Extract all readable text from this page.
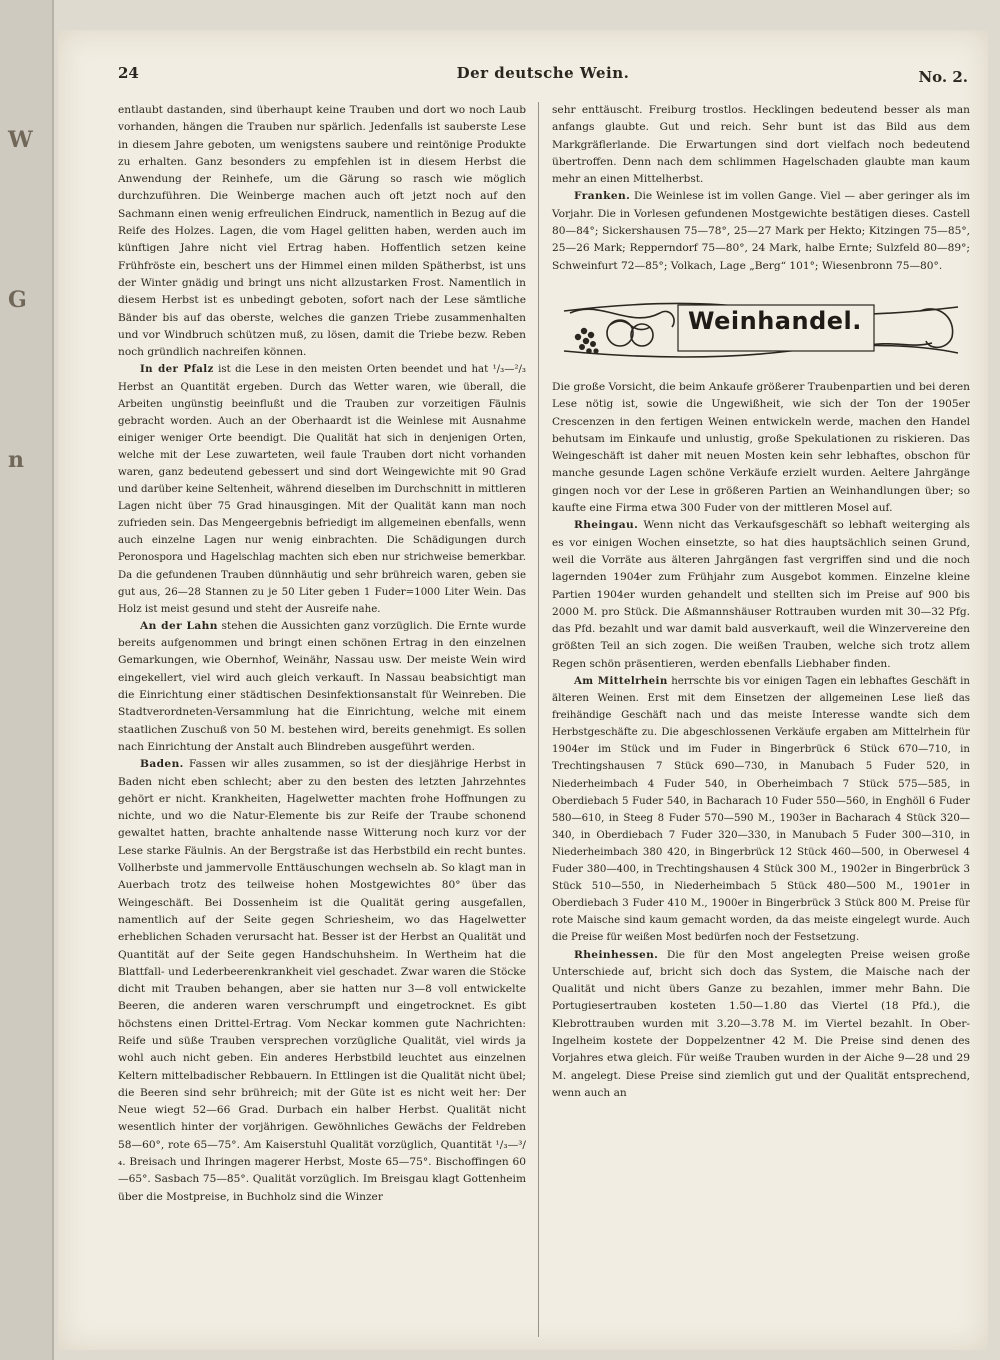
W G n
24	Der deutsche Wein.	No. 2.

entlaubt dastanden, sind überhaupt keine Trauben und dort wo noch Laub vorhanden, hängen die Trauben nur spärlich. Jedenfalls ist sauberste Lese in diesem Jahre geboten, um wenigstens saubere und reintönige Produkte zu erhalten. Ganz besonders zu empfehlen ist in diesem Herbst die Anwendung der Reinhefe, um die Gärung so rasch wie möglich durchzuführen. Die Weinberge machen auch oft jetzt noch auf den Sachmann einen wenig erfreulichen Eindruck, namentlich in Bezug auf die Reife des Holzes. Lagen, die vom Hagel gelitten haben, werden auch im künftigen Jahre nicht viel Ertrag haben. Hoffentlich setzen keine Frühfröste ein, beschert uns der Himmel einen milden Spätherbst, ist uns der Winter gnädig und bringt uns nicht allzustarken Frost. Namentlich in diesem Herbst ist es unbedingt geboten, sofort nach der Lese sämtliche Bänder bis auf das oberste, welches die ganzen Triebe zusammenhalten und vor Windbruch schützen muß, zu lösen, damit die Triebe bezw. Reben noch gründlich nachreifen können.

In der Pfalz ist die Lese in den meisten Orten beendet und hat ¹/₃—²/₃ Herbst an Quantität ergeben. Durch das Wetter waren, wie überall, die Arbeiten ungünstig beeinflußt und die Trauben zur vorzeitigen Fäulnis gebracht worden. Auch an der Oberhaardt ist die Weinlese mit Ausnahme einiger weniger Orte beendigt. Die Qualität hat sich in denjenigen Orten, welche mit der Lese zuwarteten, weil faule Trauben dort nicht vorhanden waren, ganz bedeutend gebessert und sind dort Weingewichte mit 90 Grad und darüber keine Seltenheit, während dieselben im Durchschnitt in mittleren Lagen nicht über 75 Grad hinausgingen. Mit der Qualität kann man noch zufrieden sein. Das Mengeergebnis befriedigt im allgemeinen ebenfalls, wenn auch einzelne Lagen nur wenig einbrachten. Die Schädigungen durch Peronospora und Hagelschlag machten sich eben nur strichweise bemerkbar. Da die gefundenen Trauben dünnhäutig und sehr brühreich waren, geben sie gut aus, 26—28 Stannen zu je 50 Liter geben 1 Fuder=1000 Liter Wein. Das Holz ist meist gesund und steht der Ausreife nahe.

An der Lahn stehen die Aussichten ganz vorzüglich. Die Ernte wurde bereits aufgenommen und bringt einen schönen Ertrag in den einzelnen Gemarkungen, wie Obernhof, Weinähr, Nassau usw. Der meiste Wein wird eingekellert, viel wird auch gleich verkauft. In Nassau beabsichtigt man die Einrichtung einer städtischen Desinfektionsanstalt für Weinreben. Die Stadtverordneten-Versammlung hat die Einrichtung, welche mit einem staatlichen Zuschuß von 50 M. bestehen wird, bereits genehmigt. Es sollen nach Einrichtung der Anstalt auch Blindreben ausgeführt werden.

Baden. Fassen wir alles zusammen, so ist der diesjährige Herbst in Baden nicht eben schlecht; aber zu den besten des letzten Jahrzehntes gehört er nicht. Krankheiten, Hagelwetter machten frohe Hoffnungen zu nichte, und wo die Natur-Elemente bis zur Reife der Traube schonend gewaltet hatten, brachte anhaltende nasse Witterung noch kurz vor der Lese starke Fäulnis. An der Bergstraße ist das Herbstbild ein recht buntes. Vollherbste und jammervolle Enttäuschungen wechseln ab. So klagt man in Auerbach trotz des teilweise hohen Mostgewichtes 80° über das Weingeschäft. Bei Dossenheim ist die Qualität gering ausgefallen, namentlich auf der Seite gegen Schriesheim, wo das Hagelwetter erheblichen Schaden verursacht hat. Besser ist der Herbst an Qualität und Quantität auf der Seite gegen Handschuhsheim. In Wertheim hat die Blattfall- und Lederbeerenkrankheit viel geschadet. Zwar waren die Stöcke dicht mit Trauben behangen, aber sie hatten nur 3—8 voll entwickelte Beeren, die anderen waren verschrumpft und eingetrocknet. Es gibt höchstens einen Drittel-Ertrag. Vom Neckar kommen gute Nachrichten: Reife und süße Trauben versprechen vorzügliche Qualität, viel wirds ja wohl auch nicht geben. Ein anderes Herbstbild leuchtet aus einzelnen Keltern mittelbadischer Rebbauern. In Ettlingen ist die Qualität nicht übel; die Beeren sind sehr brühreich; mit der Güte ist es nicht weit her: Der Neue wiegt 52—66 Grad. Durbach ein halber Herbst. Qualität nicht wesentlich hinter der vorjährigen. Gewöhnliches Gewächs der Feldreben 58—60°, rote 65—75°. Am Kaiserstuhl Qualität vorzüglich, Quantität ¹/₃—³/₄. Breisach und Ihringen magerer Herbst, Moste 65—75°. Bischoffingen 60—65°. Sasbach 75—85°. Qualität vorzüglich. Im Breisgau klagt Gottenheim über die Mostpreise, in Buchholz sind die Winzer

sehr enttäuscht. Freiburg trostlos. Hecklingen bedeutend besser als man anfangs glaubte. Gut und reich. Sehr bunt ist das Bild aus dem Markgräflerlande. Die Erwartungen sind dort vielfach noch bedeutend übertroffen. Denn nach dem schlimmen Hagelschaden glaubte man kaum mehr an einen Mittelherbst.

Franken. Die Weinlese ist im vollen Gange. Viel — aber geringer als im Vorjahr. Die in Vorlesen gefundenen Mostgewichte bestätigen dieses. Castell 80—84°; Sickershausen 75—78°, 25—27 Mark per Hekto; Kitzingen 75—85°, 25—26 Mark; Repperndorf 75—80°, 24 Mark, halbe Ernte; Sulzfeld 80—89°; Schweinfurt 72—85°; Volkach, Lage „Berg“ 101°; Wiesenbronn 75—80°.

Weinhandel.

Die große Vorsicht, die beim Ankaufe größerer Traubenpartien und bei deren Lese nötig ist, sowie die Ungewißheit, wie sich der Ton der 1905er Crescenzen in den fertigen Weinen entwickeln werde, machen den Handel behutsam im Einkaufe und unlustig, große Spekulationen zu riskieren. Das Weingeschäft ist daher mit neuen Mosten kein sehr lebhaftes, obschon für manche gesunde Lagen schöne Verkäufe erzielt wurden. Aeltere Jahrgänge gingen noch vor der Lese in größeren Partien an Weinhandlungen über; so kaufte eine Firma etwa 300 Fuder von der mittleren Mosel auf.

Rheingau. Wenn nicht das Verkaufsgeschäft so lebhaft weiterging als es vor einigen Wochen einsetzte, so hat dies hauptsächlich seinen Grund, weil die Vorräte aus älteren Jahrgängen fast vergriffen sind und die noch lagernden 1904er zum Frühjahr zum Ausgebot kommen. Einzelne kleine Partien 1904er wurden gehandelt und stellten sich im Preise auf 900 bis 2000 M. pro Stück. Die Aßmannshäuser Rottrauben wurden mit 30—32 Pfg. das Pfd. bezahlt und war damit bald ausverkauft, weil die Winzervereine den größten Teil an sich zogen. Die weißen Trauben, welche sich trotz allem Regen schön präsentieren, werden ebenfalls Liebhaber finden.

Am Mittelrhein herrschte bis vor einigen Tagen ein lebhaftes Geschäft in älteren Weinen. Erst mit dem Einsetzen der allgemeinen Lese ließ das freihändige Geschäft nach und das meiste Interesse wandte sich dem Herbstgeschäfte zu. Die abgeschlossenen Verkäufe ergaben am Mittelrhein für 1904er im Stück und im Fuder in Bingerbrück 6 Stück 670—710, in Trechtingshausen 7 Stück 690—730, in Manubach 5 Fuder 520, in Niederheimbach 4 Fuder 540, in Oberheimbach 7 Stück 575—585, in Oberdiebach 5 Fuder 540, in Bacharach 10 Fuder 550—560, in Enghöll 6 Fuder 580—610, in Steeg 8 Fuder 570—590 M., 1903er in Bacharach 4 Stück 320—340, in Oberdiebach 7 Fuder 320—330, in Manubach 5 Fuder 300—310, in Niederheimbach 380 420, in Bingerbrück 12 Stück 460—500, in Oberwesel 4 Fuder 380—400, in Trechtingshausen 4 Stück 300 M., 1902er in Bingerbrück 3 Stück 510—550, in Niederheimbach 5 Stück 480—500 M., 1901er in Oberdiebach 3 Fuder 410 M., 1900er in Bingerbrück 3 Stück 800 M. Preise für rote Maische sind kaum gemacht worden, da das meiste eingelegt wurde. Auch die Preise für weißen Most bedürfen noch der Festsetzung.

Rheinhessen. Die für den Most angelegten Preise weisen große Unterschiede auf, bricht sich doch das System, die Maische nach der Qualität und nicht übers Ganze zu bezahlen, immer mehr Bahn. Die Portugiesertrauben kosteten 1.50—1.80 das Viertel (18 Pfd.), die Klebrottrauben wurden mit 3.20—3.78 M. im Viertel bezahlt. In Ober-Ingelheim kostete der Doppelzentner 42 M. Die Preise sind denen des Vorjahres etwa gleich. Für weiße Trauben wurden in der Aiche 9—28 und 29 M. angelegt. Diese Preise sind ziemlich gut und der Qualität entsprechend, wenn auch an
